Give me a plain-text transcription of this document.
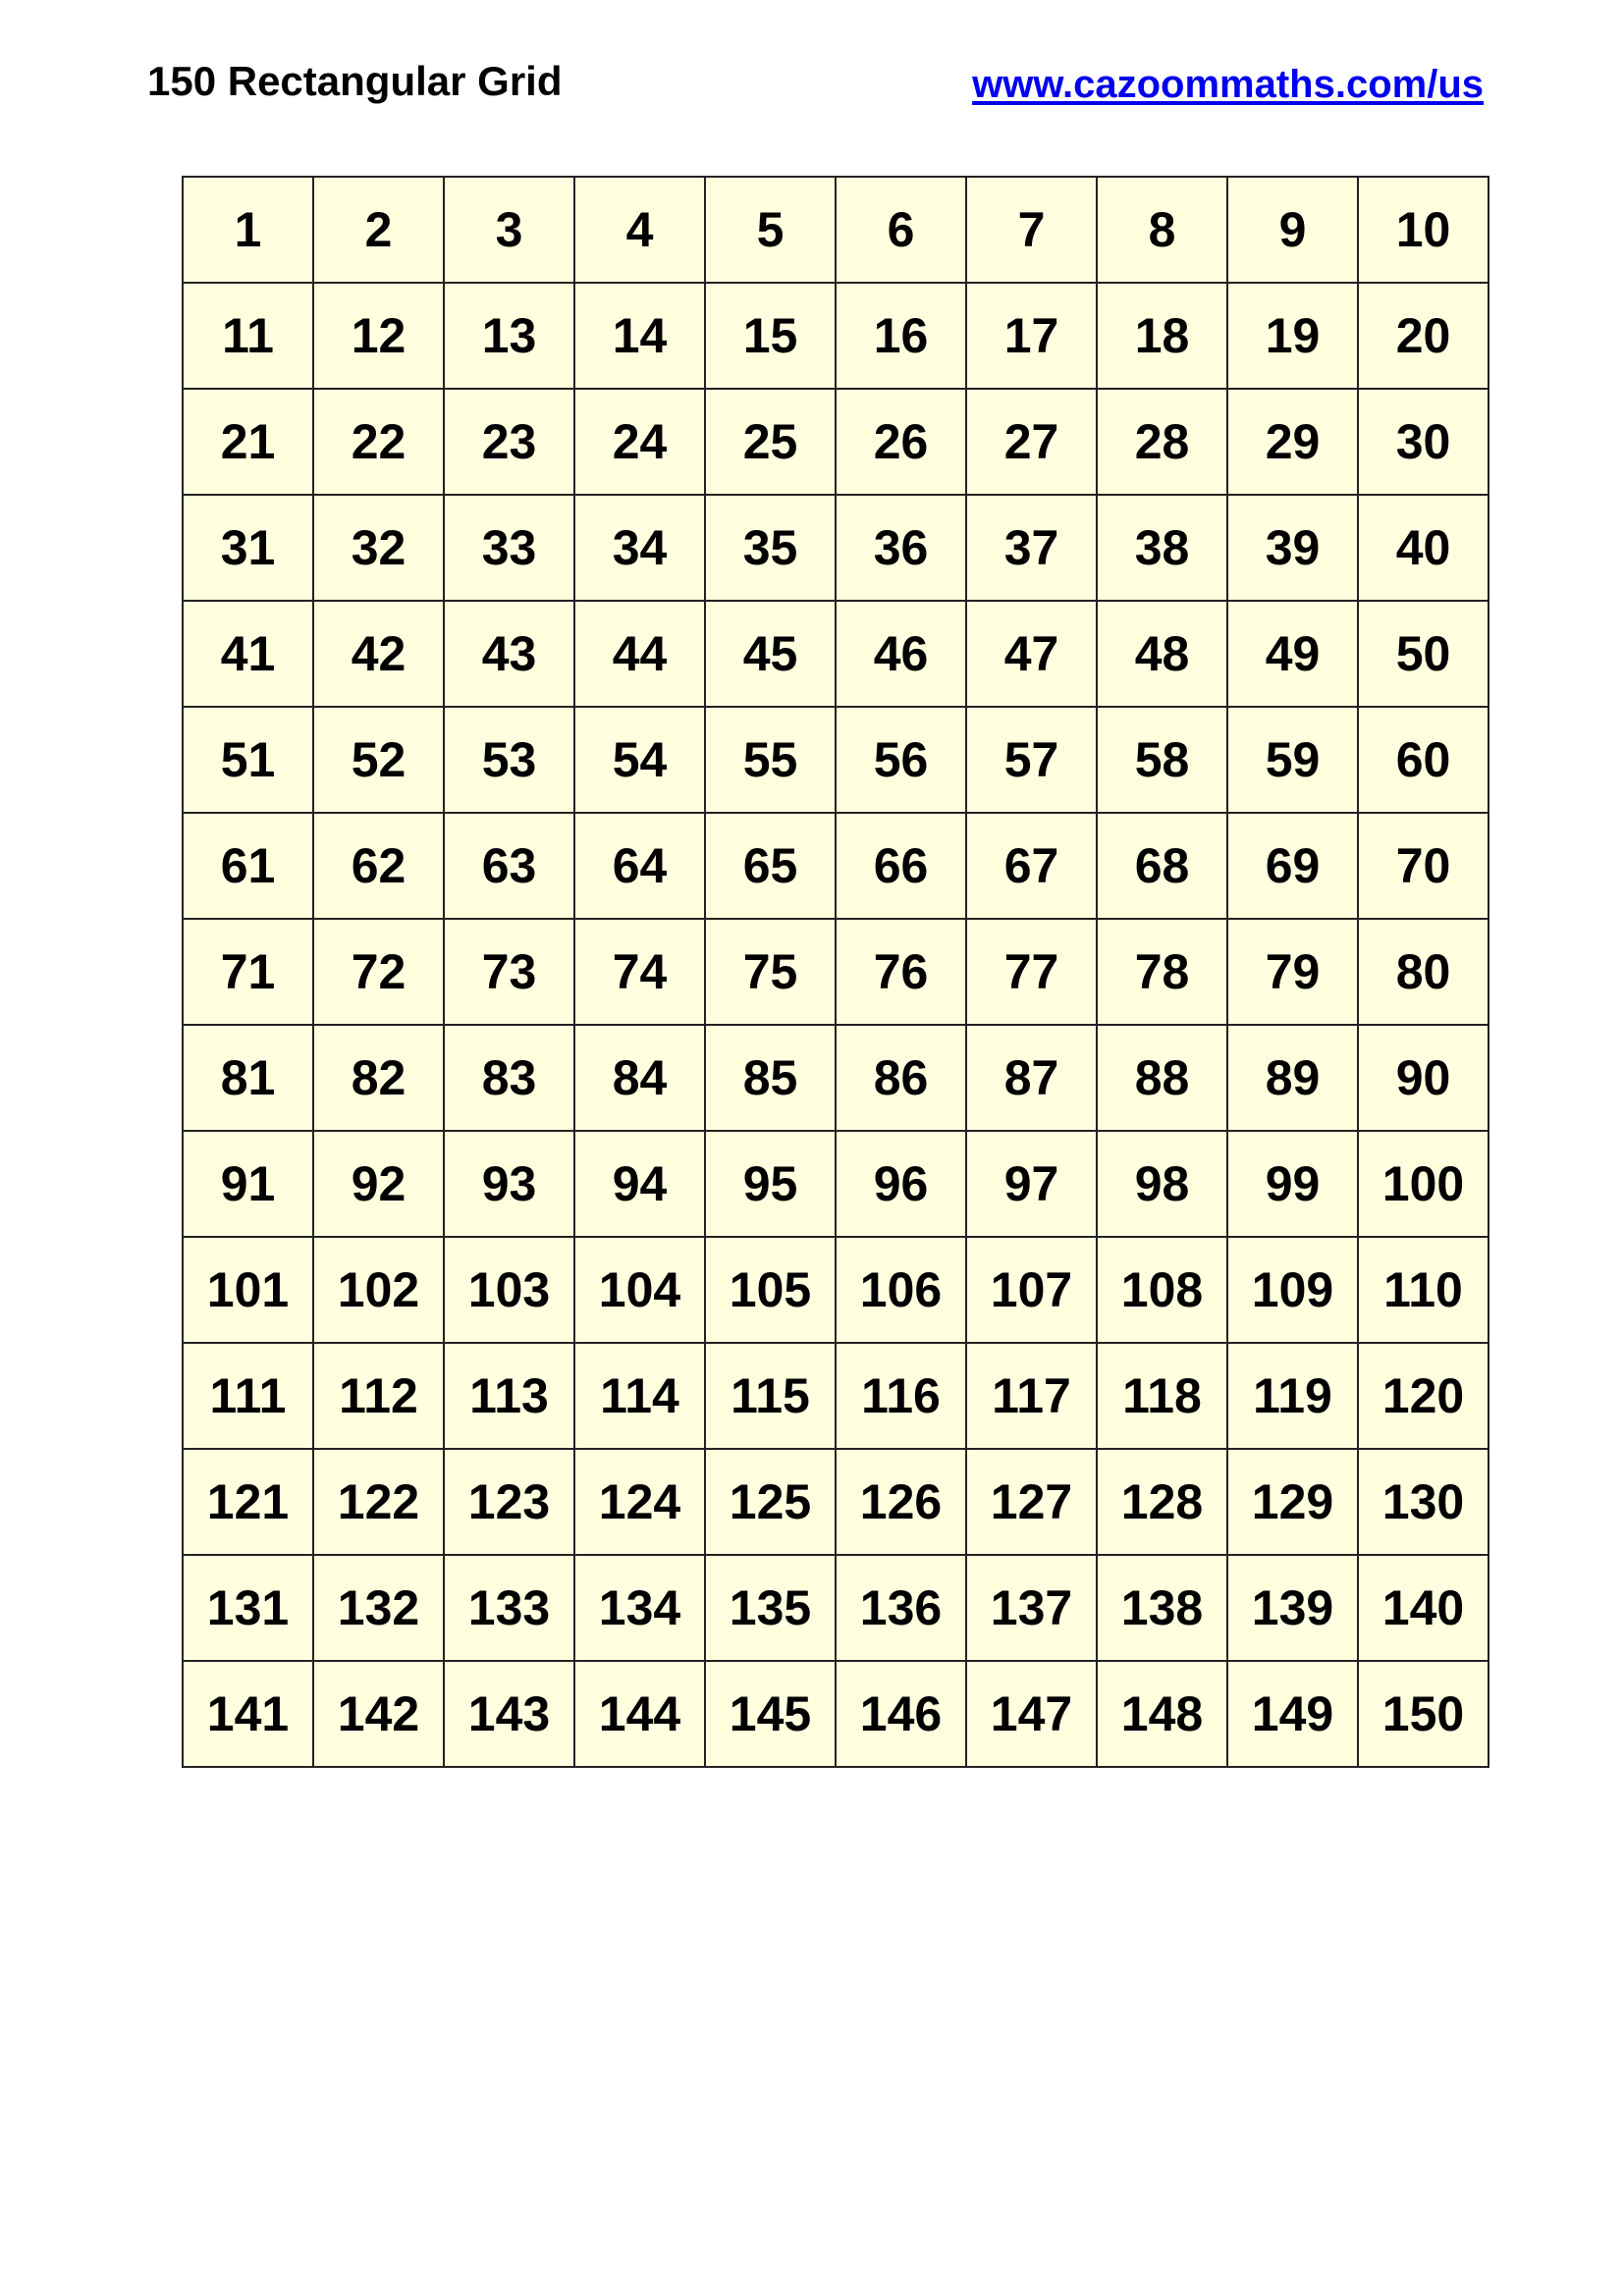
150 Rectangular Grid	www.cazoommaths.com/us
1	2	3	4	5	6	7	8	9	10
11	12	13	14	15	16	17	18	19	20
21	22	23	24	25	26	27	28	29	30
31	32	33	34	35	36	37	38	39	40
41	42	43	44	45	46	47	48	49	50
51	52	53	54	55	56	57	58	59	60
61	62	63	64	65	66	67	68	69	70
71	72	73	74	75	76	77	78	79	80
81	82	83	84	85	86	87	88	89	90
91	92	93	94	95	96	97	98	99	100
101	102	103	104	105	106	107	108	109	110
111	112	113	114	115	116	117	118	119	120
121	122	123	124	125	126	127	128	129	130
131	132	133	134	135	136	137	138	139	140
141	142	143	144	145	146	147	148	149	150
